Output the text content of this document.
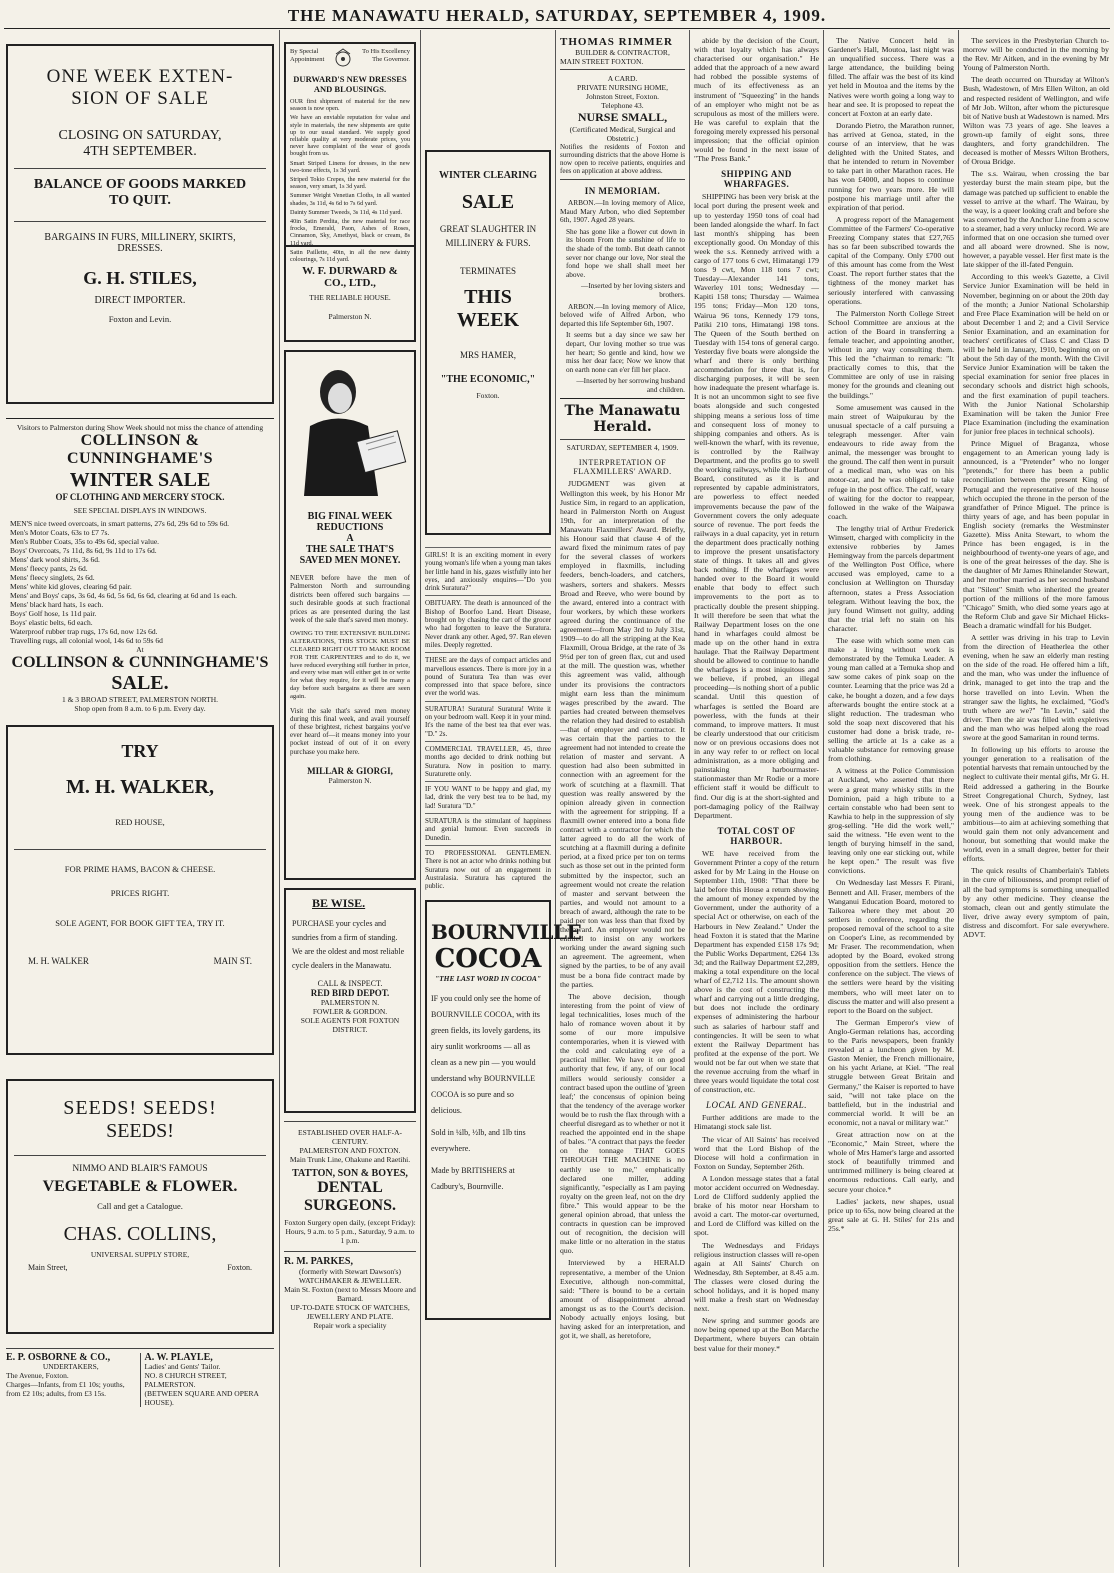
THE MANAWATU HERALD, SATURDAY, SEPTEMBER 4, 1909.
ONE WEEK EXTEN-
SION OF SALE
CLOSING ON SATURDAY,
4TH SEPTEMBER.
BALANCE OF GOODS MARKED
TO QUIT.
BARGAINS IN FURS, MILLINERY, SKIRTS,
DRESSES.
G. H. STILES,
DIRECT IMPORTER.
Foxton and Levin.
Visitors to Palmerston during Show Week should not miss the chance of attending
COLLINSON & CUNNINGHAME'S
WINTER SALE
OF CLOTHING AND MERCERY STOCK.
SEE SPECIAL DISPLAYS IN WINDOWS.
MEN'S nice tweed overcoats, in smart patterns, 27s 6d, 29s 6d to 59s 6d.
Men's Motor Coats, 63s to £7 7s.
Men's Rubber Coats, 35s to 49s 6d, special value.
Boys' Overcoats, 7s 11d, 8s 6d, 9s 11d to 17s 6d.
Mens' dark wool shirts, 3s 6d.
Mens' fleecy pants, 2s 6d.
Mens' fleecy singlets, 2s 6d.
Mens' white kid gloves, clearing 6d pair.
Mens' and Boys' caps, 3s 6d, 4s 6d, 5s 6d, 6s 6d, clearing at 6d and 1s each.
Mens' black hard hats, 1s each.
Boys' Golf hose, 1s 11d pair.
Boys' elastic belts, 6d each.
Waterproof rubber trap rugs, 17s 6d, now 12s 6d.
Travelling rugs, all colonial wool, 14s 6d to 59s 6d
At
COLLINSON & CUNNINGHAME'S
SALE.
1 & 3 BROAD STREET, PALMERSTON NORTH.
Shop open from 8 a.m. to 6 p.m. Every day.
TRY
M. H. WALKER,
RED HOUSE,
FOR PRIME HAMS, BACON & CHEESE.
PRICES RIGHT.
SOLE AGENT, FOR BOOK GIFT TEA, TRY IT.
M. H. WALKER	MAIN ST.
SEEDS! SEEDS!
SEEDS!
NIMMO AND BLAIR'S FAMOUS
VEGETABLE & FLOWER.
Call and get a Catalogue.
CHAS. COLLINS,
UNIVERSAL SUPPLY STORE,
Main Street,	Foxton.
E. P. OSBORNE & CO.,
UNDERTAKERS,
The Avenue, Foxton.
Charges—Infants, from £1 10s; youths, from £2 10s; adults, from £3 15s.
A. W. PLAYLE,
Ladies' and Gents' Tailor.
NO. 8 CHURCH STREET, PALMERSTON.
(BETWEEN SQUARE AND OPERA HOUSE).
By Special
Appointment
To His Excellency
The Governor.
DURWARD'S NEW DRESSES AND BLOUSINGS.

OUR first shipment of material for the new season is now open.

We have an enviable reputation for value and style in materials, the new shipments are quite up to our usual standard. We supply good reliable quality at very moderate prices, you never have complaint of the wear of goods bought from us.

Smart Striped Linens for dresses, in the new two-tone effects, 1s 3d yard.

Striped Tokio Crepes, the new material for the season, very smart, 1s 3d yard.

Summer Weight Venetian Cloths, in all wanted shades, 3s 11d, 4s 6d to 7s 6d yard.

Dainty Summer Tweeds, 3s 11d, 4s 11d yard.

40in Satin Perdita, the new material for race frocks, Emerald, Paon, Ashes of Roses, Cinnamon, Sky, Amethyst, black or cream, 8s 11d yard.

Satin Paillette, 40in, in all the new dainty colourings, 7s 11d yard.

W. F. DURWARD & CO., LTD.,
THE RELIABLE HOUSE.
Palmerston N.
BIG FINAL WEEK
REDUCTIONS
A
THE SALE THAT'S
SAVED MEN MONEY.
NEVER before have the men of Palmerston North and surrounding districts been offered such bargains — such desirable goods at such fractional prices as are presented during the last week of the sale that's saved men money.
OWING TO THE EXTENSIVE BUILDING ALTERATIONS, THIS STOCK MUST BE CLEARED RIGHT OUT TO MAKE ROOM FOR THE CARPENTERS and to do it, we have reduced everything still further in price, and every wise man will either get in or write for what they require, for it will be many a day before such bargains as there are seen again.
Visit the sale that's saved men money during this final week, and avail yourself of these brightest, richest bargains you've ever heard of—it means money into your pocket instead of out of it on every purchase you make here.
MILLAR & GIORGI,
Palmerston N.
BE WISE.
PURCHASE your cycles and sundries from a firm of standing. We are the oldest and most reliable cycle dealers in the Manawatu.
CALL & INSPECT.
RED BIRD DEPOT.
PALMERSTON N.
FOWLER & GORDON.
SOLE AGENTS FOR FOXTON DISTRICT.
ESTABLISHED OVER HALF-A-CENTURY.
PALMERSTON AND FOXTON.
Main Trunk Line, Ohakune and Raetihi.
TATTON, SON & BOYES,
DENTAL
SURGEONS.
Foxton Surgery open daily, (except Friday): Hours, 9 a.m. to 5 p.m., Saturday, 9 a.m. to 1 p.m.
R. M. PARKES,
(formerly with Stewart Dawson's)
WATCHMAKER & JEWELLER.
Main St. Foxton (next to Messrs Moore and Barnard.
UP-TO-DATE STOCK OF WATCHES, JEWELLERY AND PLATE.
Repair work a speciality
WINTER CLEARING
SALE
GREAT SLAUGHTER IN
MILLINERY & FURS.
TERMINATES
THIS WEEK
MRS HAMER,
"THE ECONOMIC,"
Foxton.

GIRLS! It is an exciting moment in every young woman's life when a young man takes her little hand in his, gazes wistfully into her eyes, and anxiously enquires—"Do you drink Suratura?"

OBITUARY. The death is announced of the Bishop of Boorfoo Land. Heart Disease, brought on by chasing the cart of the grocer who had forgotten to leave the Suratura. Never drank any other. Aged, 97. Ran eleven miles. Deeply regretted.

THESE are the days of compact articles and marvellous essences. There is more joy in a pound of Suratura Tea than was ever compressed into that space before, since ever the world was.

SURATURA! Suratura! Suratura! Write it on your bedroom wall. Keep it in your mind. It's the name of the best tea that ever was. "D." 2s.

COMMERCIAL TRAVELLER, 45, three months ago decided to drink nothing but Suratura. Now in position to marry. Suraturette only.

IF YOU WANT to be happy and glad, my lad, drink the very best tea to be had, my lad! Suratura "D."

SURATURA is the stimulant of happiness and genial humour. Even succeeds in Dunedin.

TO PROFESSIONAL GENTLEMEN. There is not an actor who drinks nothing but Suratura now out of an engagement in Australasia. Suratura has captured the public.

BOURNVILLE
COCOA
"THE LAST WORD IN COCOA"

IF you could only see the home of BOURNVILLE COCOA, with its green fields, its lovely gardens, its airy sunlit workrooms — all as clean as a new pin — you would understand why BOURNVILLE COCOA is so pure and so delicious.

Sold in ¼lb, ½lb, and 1lb tins everywhere.

Made by BRITISHERS at Cadbury's, Bournville.

THOMAS RIMMER
BUILDER & CONTRACTOR,
MAIN STREET FOXTON.
A CARD.
PRIVATE NURSING HOME,
Johnston Street, Foxton.
Telephone 43.
NURSE SMALL,
(Certificated Medical, Surgical and Obstetric.)
Notifies the residents of Foxton and surrounding districts that the above Home is now open to receive patients, enquiries and fees on application at above address.
IN MEMORIAM.

ARBON.—In loving memory of Alice, Maud Mary Arbon, who died September 6th, 1907. Aged 28 years.

She has gone like a flower cut down in its bloom From the sunshine of life to the shade of the tomb. But death cannot sever nor change our love, Nor steal the fond hope we shall shall meet her above.

—Inserted by her loving sisters and brothers.

ARBON.—In loving memory of Alice, beloved wife of Alfred Arbon, who departed this life September 6th, 1907.

It seems but a day since we saw her depart, Our loving mother so true was her heart; So gentle and kind, how we miss her dear face; Now we know that on earth none can e'er fill her place.

—Inserted by her sorrowing husband and children.

The Manawatu Herald.
SATURDAY, SEPTEMBER 4, 1909.
INTERPRETATION OF FLAXMILLERS' AWARD.

JUDGMENT was given at Wellington this week, by his Honor Mr Justice Sim, in regard to an application, heard in Palmerston North on August 19th, for an interpretation of the Manawatu Flaxmillers' Award. Briefly, his Honour said that clause 4 of the award fixed the minimum rates of pay for the several classes of workers employed in flaxmills, including feeders, bench-loaders, and catchers, washers, sorters and shakers. Messrs Broad and Reeve, who were bound by the award, entered into a contract with four workers, by which these workers agreed during the continuance of the agreement—from May 3rd to July 31st, 1909—to do all the stripping at the Kea Flaxmill, Oroua Bridge, at the rate of 3s 9½d per ton of green flax, cut and used at the mill. The question was, whether this agreement was valid, although under its provisions the contractors might earn less than the minimum wages prescribed by the award. The parties had created between themselves the relation they had desired to establish—that of employer and contractor. It was certain that the parties to the agreement had not intended to create the relation of master and servant. A question had also been submitted in connection with an agreement for the work of scutching at a flaxmill. That question was really answered by the opinion already given in connection with the agreement for stripping. If a flaxmill owner entered into a bona fide contract with a contractor for which the latter agreed to do all the work of scutching at a flaxmill during a definite period, at a fixed price per ton on terms such as those set out in the printed form submitted by the inspector, such an agreement would not create the relation of master and servant between the parties, and would not amount to a breach of award, although the rate to be paid per ton was less than that fixed by the award. An employer would not be entitled to insist on any workers working under the award signing such an agreement. The agreement, when signed by the parties, to be of any avail must be a bona fide contract made by the parties.

The above decision, though interesting from the point of view of legal technicalities, loses much of the halo of romance woven about it by some of our more impulsive contemporaries, when it is viewed with the cold and calculating eye of a practical miller. We have it on good authority that few, if any, of our local millers would seriously consider a contract based upon the outline of 'green leaf;' the concensus of opinion being that the tendency of the average worker would be to rush the flax through with a cheerful disregard as to whether or not it reached the appointed end in the shape of bales. "A contract that pays the feeder on the tonnage THAT GOES THROUGH THE MACHINE is no earthly use to me," emphatically declared one miller, adding significantly, "especially as I am paying royalty on the green leaf, not on the dry fibre." This would appear to be the general opinion abroad, that unless the contracts in question can be improved out of recognition, the decision will make little or no alteration in the status quo.

Interviewed by a HERALD representative, a member of the Union Executive, although non-committal, said: "There is bound to be a certain amount of disappointment abroad amongst us as to the Court's decision. Nobody actually enjoys losing, but having asked for an interpretation, and got it, we shall, as heretofore,

abide by the decision of the Court, with that loyalty which has always characterised our organisation." He added that the approach of a new award had robbed the possible systems of much of its effectiveness as an instrument of "Squeezing" in the hands of an employer who might not be as scrupulous as most of the millers were. He was careful to explain that the foregoing merely expressed his personal impression; that the official opinion would be found in the next issue of "The Press Bank."

SHIPPING AND WHARFAGES.

SHIPPING has been very brisk at the local port during the present week and up to yesterday 1950 tons of coal had been landed alongside the wharf. In fact last month's shipping has been exceptionally good. On Monday of this week the s.s. Kennedy arrived with a cargo of 177 tons 6 cwt, Himatangi 179 tons 9 cwt, Mon 118 tons 7 cwt; Tuesday—Alexander 141 tons, Waverley 101 tons; Wednesday — Kapiti 158 tons; Thursday — Waimea 195 tons; Friday—Mon 120 tons, Wairua 96 tons, Kennedy 179 tons, Patiki 210 tons, Himatangi 198 tons. The Queen of the South berthed on Tuesday with 154 tons of general cargo. Yesterday five boats were alongside the wharf and there is only berthing accommodation for three that is, for discharging purposes, it will be seen how inadequate the present wharfage is. It is not an uncommon sight to see five boats alongside and such congested shipping means a serious loss of time and consequent loss of money to shipping companies and others. As is well-known the wharf, with its revenue, is controlled by the Railway Department, and the profits go to swell the working railways, while the Harbour Board, constituted as it is and represented by capable administrators, are powerless to effect needed improvements because the paw of the Government covers the only adequate source of revenue. The port feeds the railways in a dual capacity, yet in return the department does practically nothing to improve the present unsatisfactory state of things. It takes all and gives back nothing. If the wharfages were handed over to the Board it would enable that body to effect such improvements to the port as to practically double the present shipping. It will therefore be seen that what the Railway Department loses on the one hand in wharfages could almost be made up on the other hand in extra haulage. That the Railway Department should be allowed to continue to handle the wharfages is a most iniquitous and we believe, if probed, an illegal proceeding—is nothing short of a public scandal. Until this question of wharfages is settled the Board are powerless, with the funds at their command, to improve matters. It must be clearly understood that our criticism now or on previous occasions does not in any way refer to or reflect on local administration, as a more obliging and painstaking harbourmaster-stationmaster than Mr Rodie or a more efficient staff it would be difficult to find. Our dig is at the short-sighted and port-damaging policy of the Railway Department.

TOTAL COST OF HARBOUR.

WE have received from the Government Printer a copy of the return asked for by Mr Laing in the House on September 11th, 1908: "That there be laid before this House a return showing the amount of money expended by the Government, under the authority of a special Act or otherwise, on each of the Harbours in New Zealand." Under the head Foxton it is stated that the Marine Department has expended £158 17s 9d; the Public Works Department, £264 13s 3d; and the Railway Department £2,289, making a total expenditure on the local wharf of £2,712 11s. The amount shown above is the cost of constructing the wharf and carrying out a little dredging, but does not include the ordinary expenses of administering the harbour such as salaries of harbour staff and contingencies. It will be seen to what extent the Railway Department has profited at the expense of the port. We would not be far out when we state that the revenue accruing from the wharf in three years would liquidate the total cost of construction, etc.

LOCAL AND GENERAL.

Further additions are made to the Himatangi stock sale list.

The vicar of All Saints' has received word that the Lord Bishop of the Diocese will hold a confirmation in Foxton on Sunday, September 26th.

A London message states that a fatal motor accident occurred on Wednesday. Lord de Clifford suddenly applied the brake of his motor near Horsham to avoid a cart. The motor-car overturned, and Lord de Clifford was killed on the spot.

The Wednesdays and Fridays religious instruction classes will re-open again at All Saints' Church on Wednesday, 8th September, at 8.45 a.m. The classes were closed during the school holidays, and it is hoped many will make a fresh start on Wednesday next.

New spring and summer goods are now being opened up at the Bon Marche Department, where buyers can obtain best value for their money.*

The Native Concert held in Gardener's Hall, Moutoa, last night was an unqualified success. There was a large attendance, the building being filled. The affair was the best of its kind yet held in Moutoa and the items by the Natives were worth going a long way to hear and see. It is proposed to repeat the concert at Foxton at an early date.

Dorando Pietro, the Marathon runner, has arrived at Genoa, stated, in the course of an interview, that he was delighted with the United States, and that he intended to return in November to take part in other Marathon races. He has won £4000, and hopes to continue running for two years more. He will postpone his marriage until after the expiration of that period.

A progress report of the Management Committee of the Farmers' Co-operative Freezing Company states that £27,765 has so far been subscribed towards the capital of the Company. Only £700 out of this amount has come from the West Coast. The report further states that the tightness of the money market has seriously interfered with canvassing operations.

The Palmerston North College Street School Committee are anxious at the action of the Board in transferring a female teacher, and appointing another, without in any way consulting them. This led the "chairman to remark: "It practically comes to this, that the Committee are only of use in raising money for the grounds and cleaning out the buildings."

Some amusement was caused in the main street of Waipukurau by the unusual spectacle of a calf pursuing a telegraph messenger. After vain endeavours to ride away from the animal, the messenger was brought to the ground. The calf then went in pursuit of a medical man, who was on his motor-car, and he was obliged to take refuge in the post office. The calf, weary of waiting for the doctor to reappear, followed in the wake of the Waipawa coach.

The lengthy trial of Arthur Frederick Wimsett, charged with complicity in the extensive robberies by James Hemingway from the parcels department of the Wellington Post Office, where accused was employed, came to a conclusion at Wellington on Thursday afternoon, states a Press Association telegram. Without leaving the box, the jury found Wimsett not guilty, adding that the trial left no stain on his character.

The ease with which some men can make a living without work is demonstrated by the Temuka Leader. A young man called at a Temuka shop and saw some cakes of pink soap on the counter. Learning that the price was 2d a cake, he bought a dozen, and a few days afterwards bought the entire stock at a slight reduction. The tradesman who sold the soap next discovered that his customer had done a brisk trade, re-selling the article at 1s a cake as a valuable substance for removing grease from clothing.

A witness at the Police Commission at Auckland, who asserted that there were a great many whisky stills in the Dominion, paid a high tribute to a certain constable who had been sent to Kawhia to help in the suppression of sly grog-selling. "He did the work well," said the witness. "He even went to the length of burying himself in the sand, leaving only one ear sticking out, while he kept open." The result was five convictions.

On Wednesday last Messrs F. Pirani, Bennett and All. Fraser, members of the Wanganui Education Board, motored to Taikorea where they met about 20 settlers in conference, regarding the proposed removal of the school to a site on Cooper's Line, as recommended by Mr Fraser. The recommendation, when adopted by the Board, evoked strong opposition from the settlers. Hence the conference on the subject. The views of the settlers were heard by the visiting members, who will meet later on to discuss the matter and will also present a report to the Board on the subject.

The German Emperor's view of Anglo-German relations has, according to the Paris newspapers, been frankly revealed at a luncheon given by M. Gaston Menier, the French millionaire, on his yacht Ariane, at Kiel. "The real struggle between Great Britain and Germany," the Kaiser is reported to have said, "will not take place on the battlefield, but in the industrial and commercial world. It will be an economic, not a naval or military war."

Great attraction now on at the "Economic," Main Street, where the whole of Mrs Hamer's large and assorted stock of beautifully trimmed and untrimmed millinery is being cleared at enormous reductions. Call early, and secure your choice.*

Ladies' jackets, new shapes, usual price up to 65s, now being cleared at the great sale at G. H. Stiles' for 21s and 25s.*

The services in the Presbyterian Church to-morrow will be conducted in the morning by the Rev. Mr Aitken, and in the evening by Mr Young of Palmerston North.

The death occurred on Thursday at Wilton's Bush, Wadestown, of Mrs Ellen Wilton, an old and respected resident of Wellington, and wife of Mr Job. Wilton, after whom the picturesque bit of Native bush at Wadestown is named. Mrs Wilton was 73 years of age. She leaves a grown-up family of eight sons, three daughters, and forty grandchildren. The deceased is mother of Messrs Wilton Brothers, of Oroua Bridge.

The s.s. Wairau, when crossing the bar yesterday burst the main steam pipe, but the damage was patched up sufficient to enable the vessel to arrive at the wharf. The Wairau, by the way, is a queer looking craft and before she was converted by the Anchor Line from a scow to a steamer, had a very unlucky record. We are informed that on one occasion she turned over and all aboard were drowned. She is now, however, a payable vessel. Her first mate is the late skipper of the ill-fated Penguin.

According to this week's Gazette, a Civil Service Junior Examination will be held in November, beginning on or about the 20th day of the month; a Junior National Scholarship and Free Place Examination will be held on or about December 1 and 2; and a Civil Service Senior Examination, and an examination for teachers' certificates of Class C and Class D will be held in January, 1910, beginning on or about the 5th day of the month. With the Civil Service Junior Examination will be taken the special examination for senior free places in secondary schools and district high schools, and the first examination of pupil teachers. With the Junior National Scholarship Examination will be taken the Junior Free Place Examination (including the examination for junior free places in technical schools).

Prince Miguel of Braganza, whose engagement to an American young lady is announced, is a "Pretender" who no longer "pretends," for there has been a public reconciliation between the present King of Portugal and the representative of the house which occupied the throne in the person of the grandfather of Prince Miguel. The prince is thirty years of age, and has been popular in English society (remarks the Westminster Gazette). Miss Anita Stewart, to whom the Prince has been engaged, is in the neighbourhood of twenty-one years of age, and is one of the great heiresses of the day. She is the daughter of Mr James Rhinelander Stewart, and her mother married as her second husband that "Silent" Smith who inherited the greater portion of the millions of the more famous "Chicago" Smith, who died some years ago at the Reform Club and gave Sir Michael Hicks-Beach a dramatic windfall for his Budget.

A settler was driving in his trap to Levin from the direction of Heatherlea the other evening, when he saw an elderly man resting on the side of the road. He offered him a lift, and the man, who was under the influence of drink, managed to get into the trap and the horse travelled on into Levin. When the stranger saw the lights, he exclaimed, "God's truth where are we?" "In Levin," said the driver. Then the air was filled with expletives and the man who was helped along the road swore at the good Samaritan in round terms.

In following up his efforts to arouse the younger generation to a realisation of the potential harvests that remain untouched by the neglect to cultivate their mental gifts, Mr G. H. Reid addressed a gathering in the Bourke Street Congregational Church, Sydney, last week. One of his strongest appeals to the young men of the audience was to be ambitious—to aim at achieving something that would gain them not only advancement and honour, but something that would make the world, even in a small degree, better for their efforts.

The quick results of Chamberlain's Tablets in the cure of biliousness, and prompt relief of all the bad symptoms is something unequalled by any other medicine. They cleanse the stomach, clean out and gently stimulate the liver, drive away every symptom of pain, distress and discomfort. For sale everywhere. ADVT.
